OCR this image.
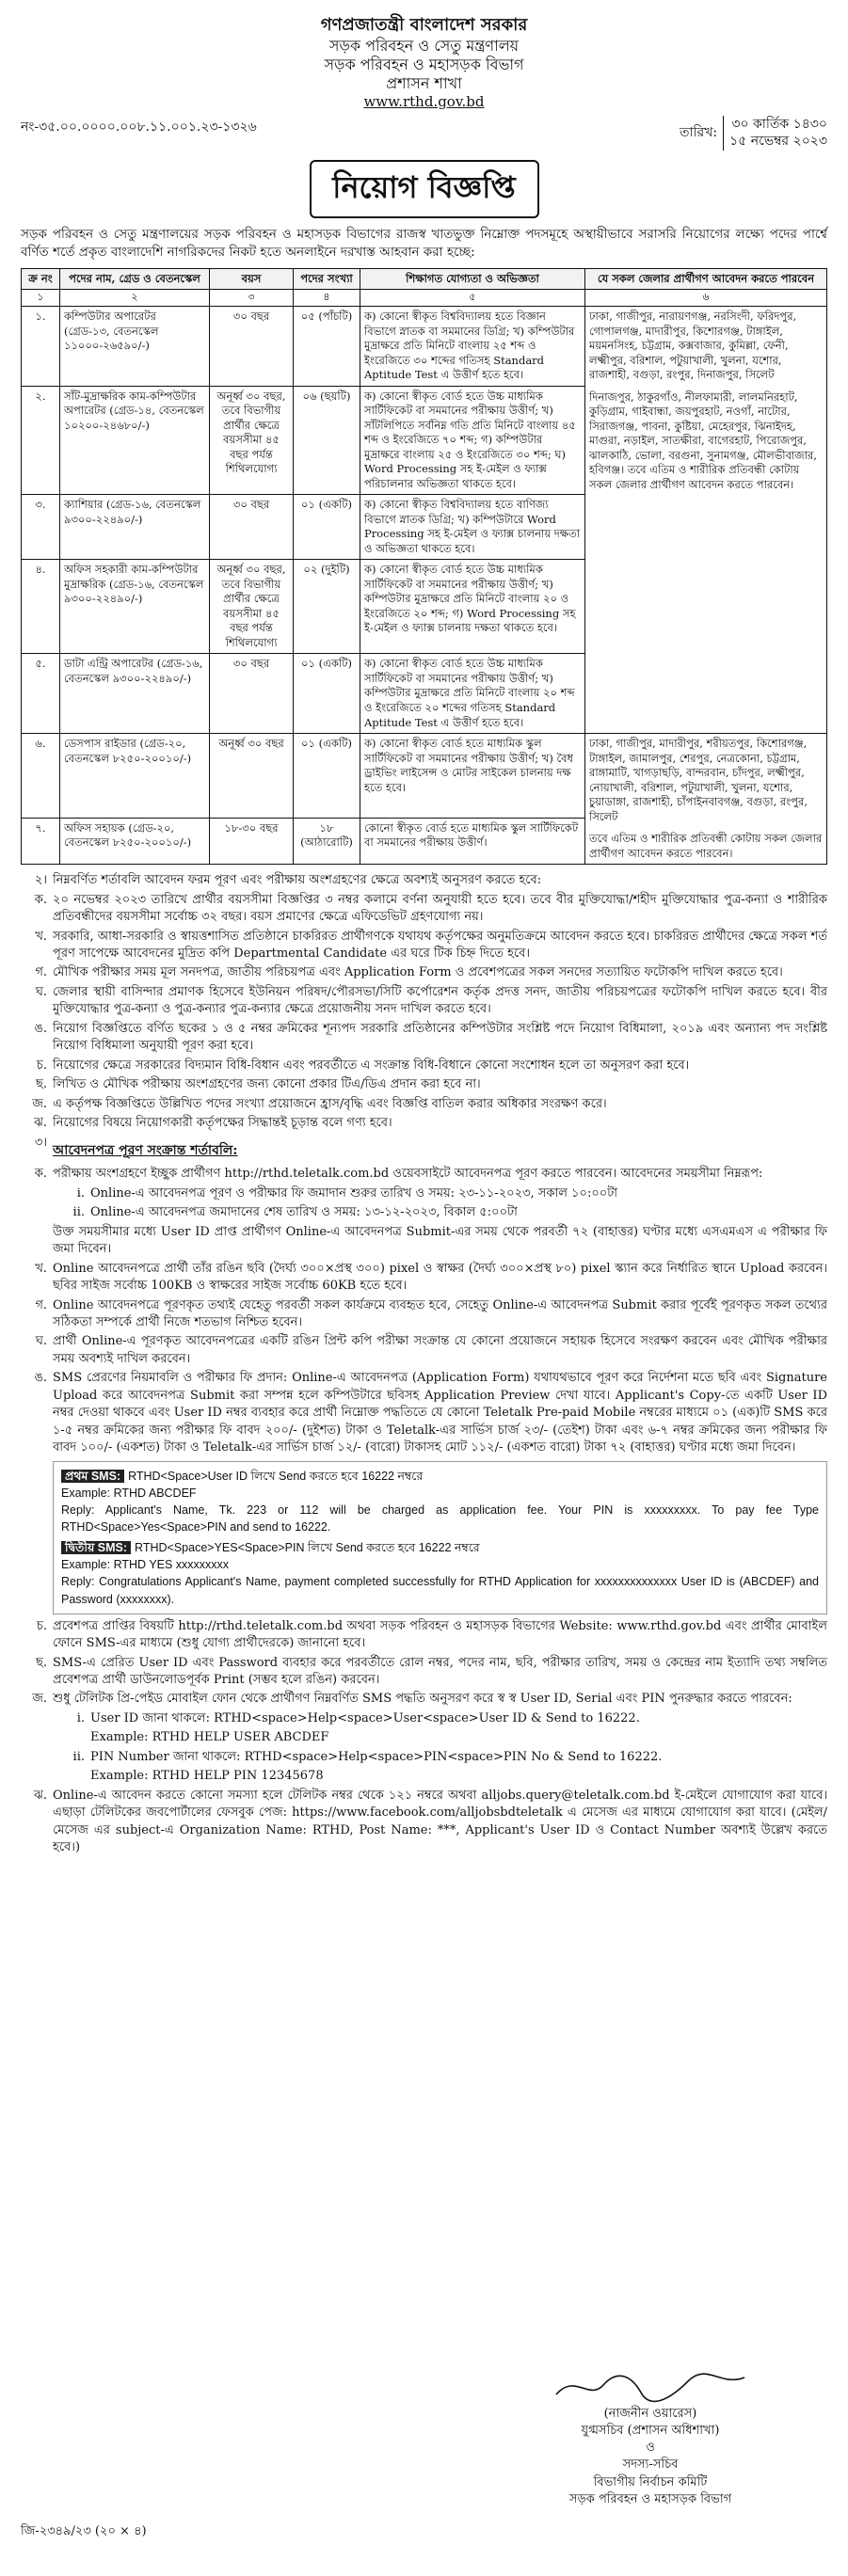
গণপ্রজাতন্ত্রী বাংলাদেশ সরকার
সড়ক পরিবহন ও সেতু মন্ত্রণালয়
সড়ক পরিবহন ও মহাসড়ক বিভাগ
প্রশাসন শাখা
www.rthd.gov.bd
নং-৩৫.০০.০০০০.০০৮.১১.০০১.২৩-১৩২৬	তারিখ:
৩০ কার্তিক ১৪৩০
১৫ নভেম্বর ২০২৩
নিয়োগ বিজ্ঞপ্তি
সড়ক পরিবহন ও সেতু মন্ত্রণালয়ের সড়ক পরিবহন ও মহাসড়ক বিভাগের রাজস্ব খাতভুক্ত নিম্নোক্ত পদসমূহে অস্থায়ীভাবে সরাসরি নিয়োগের লক্ষ্যে পদের পার্শ্বে বর্ণিত শর্তে প্রকৃত বাংলাদেশি নাগরিকদের নিকট হতে অনলাইনে দরখাস্ত আহবান করা হচ্ছে:
ক্র নং	পদের নাম, গ্রেড ও বেতনস্কেল	বয়স	পদের সংখ্যা	শিক্ষাগত যোগ্যতা ও অভিজ্ঞতা	যে সকল জেলার প্রার্থীগণ আবেদন করতে পারবেন
১	২	৩	৪	৫	৬
১.	কম্পিউটার অপারেটর (গ্রেড-১৩, বেতনস্কেল ১১০০০-২৬৫৯০/-)	৩০ বছর	০৫ (পাঁচটি)	ক) কোনো স্বীকৃত বিশ্ববিদ্যালয় হতে বিজ্ঞান বিভাগে স্নাতক বা সমমানের ডিগ্রি; খ) কম্পিউটার মুদ্রাক্ষরে প্রতি মিনিটে বাংলায় ২৫ শব্দ ও ইংরেজিতে ৩০ শব্দের গতিসহ Standard Aptitude Test এ উত্তীর্ণ হতে হবে।	ঢাকা, গাজীপুর, নারায়ণগঞ্জ, নরসিংদী, ফরিদপুর, গোপালগঞ্জ, মাদারীপুর, কিশোরগঞ্জ, টাঙ্গাইল, ময়মনসিংহ, চট্টগ্রাম, কক্সবাজার, কুমিল্লা, ফেনী, লক্ষ্মীপুর, বরিশাল, পটুয়াখালী, খুলনা, যশোর, রাজশাহী, বগুড়া, রংপুর, দিনাজপুর, সিলেট
দিনাজপুর, ঠাকুরগাঁও, নীলফামারী, লালমনিরহাট, কুড়িগ্রাম, গাইবান্ধা, জয়পুরহাট, নওগাঁ, নাটোর, সিরাজগঞ্জ, পাবনা, কুষ্টিয়া, মেহেরপুর, ঝিনাইদহ, মাগুরা, নড়াইল, সাতক্ষীরা, বাগেরহাট, পিরোজপুর, ঝালকাঠি, ভোলা, বরগুনা, সুনামগঞ্জ, মৌলভীবাজার, হবিগঞ্জ। তবে এতিম ও শারীরিক প্রতিবন্ধী কোটায় সকল জেলার প্রার্থীগণ আবেদন করতে পারবেন।

২.	সাঁট-মুদ্রাক্ষরিক কাম-কম্পিউটার অপারেটর (গ্রেড-১৪, বেতনস্কেল ১০২০০-২৪৬৮০/-)	অনূর্ধ্ব ৩০ বছর, তবে বিভাগীয় প্রার্থীর ক্ষেত্রে বয়সসীমা ৪৫ বছর পর্যন্ত শিথিলযোগ্য	০৬ (ছয়টি)	ক) কোনো স্বীকৃত বোর্ড হতে উচ্চ মাধ্যমিক সার্টিফিকেট বা সমমানের পরীক্ষায় উত্তীর্ণ; খ) সাঁটলিপিতে সর্বনিম্ন গতি প্রতি মিনিটে বাংলায় ৪৫ শব্দ ও ইংরেজিতে ৭০ শব্দ; গ) কম্পিউটার মুদ্রাক্ষরে বাংলায় ২৫ ও ইংরেজিতে ৩০ শব্দ; ঘ) Word Processing সহ ই-মেইল ও ফ্যাক্স পরিচালনার অভিজ্ঞতা থাকতে হবে।	
৩.	ক্যাশিয়ার (গ্রেড-১৬, বেতনস্কেল ৯৩০০-২২৪৯০/-)	৩০ বছর	০১ (একটি)	ক) কোনো স্বীকৃত বিশ্ববিদ্যালয় হতে বাণিজ্য বিভাগে স্নাতক ডিগ্রি; খ) কম্পিউটারে Word Processing সহ ই-মেইল ও ফ্যাক্স চালনায় দক্ষতা ও অভিজ্ঞতা থাকতে হবে।	
৪.	অফিস সহকারী কাম-কম্পিউটার মুদ্রাক্ষরিক (গ্রেড-১৬, বেতনস্কেল ৯৩০০-২২৪৯০/-)	অনূর্ধ্ব ৩০ বছর, তবে বিভাগীয় প্রার্থীর ক্ষেত্রে বয়সসীমা ৪৫ বছর পর্যন্ত শিথিলযোগ্য	০২ (দুইটি)	ক) কোনো স্বীকৃত বোর্ড হতে উচ্চ মাধ্যমিক সার্টিফিকেট বা সমমানের পরীক্ষায় উত্তীর্ণ; খ) কম্পিউটার মুদ্রাক্ষরে প্রতি মিনিটে বাংলায় ২০ ও ইংরেজিতে ২০ শব্দ; গ) Word Processing সহ ই-মেইল ও ফ্যাক্স চালনায় দক্ষতা থাকতে হবে।	
৫.	ডাটা এন্ট্রি অপারেটর (গ্রেড-১৬, বেতনস্কেল ৯৩০০-২২৪৯০/-)	৩০ বছর	০১ (একটি)	ক) কোনো স্বীকৃত বোর্ড হতে উচ্চ মাধ্যমিক সার্টিফিকেট বা সমমানের পরীক্ষায় উত্তীর্ণ; খ) কম্পিউটার মুদ্রাক্ষরে প্রতি মিনিটে বাংলায় ২০ শব্দ ও ইংরেজিতে ২০ শব্দের গতিসহ Standard Aptitude Test এ উত্তীর্ণ হতে হবে।	
৬.	ডেসপাস রাইডার (গ্রেড-২০, বেতনস্কেল ৮২৫০-২০০১০/-)	অনূর্ধ্ব ৩০ বছর	০১ (একটি)	ক) কোনো স্বীকৃত বোর্ড হতে মাধ্যমিক স্কুল সার্টিফিকেট বা সমমানের পরীক্ষায় উত্তীর্ণ; খ) বৈধ ড্রাইভিং লাইসেন্স ও মোটর সাইকেল চালনায় দক্ষ হতে হবে।	ঢাকা, গাজীপুর, মাদারীপুর, শরীয়তপুর, কিশোরগঞ্জ, টাঙ্গাইল, জামালপুর, শেরপুর, নেত্রকোনা, চট্টগ্রাম, রাঙ্গামাটি, খাগড়াছড়ি, বান্দরবান, চাঁদপুর, লক্ষ্মীপুর, নোয়াখালী, বরিশাল, পটুয়াখালী, খুলনা, যশোর, চুয়াডাঙ্গা, রাজশাহী, চাঁপাইনবাবগঞ্জ, বগুড়া, রংপুর, সিলেট
তবে এতিম ও শারীরিক প্রতিবন্ধী কোটায় সকল জেলার প্রার্থীগণ আবেদন করতে পারবেন।

৭.	অফিস সহায়ক (গ্রেড-২০, বেতনস্কেল ৮২৫০-২০০১০/-)	১৮-৩০ বছর	১৮ (আঠারোটি)	কোনো স্বীকৃত বোর্ড হতে মাধ্যমিক স্কুল সার্টিফিকেট বা সমমানের পরীক্ষায় উত্তীর্ণ।	
২। নিম্নবর্ণিত শর্তাবলি আবেদন ফরম পূরণ এবং পরীক্ষায় অংশগ্রহণের ক্ষেত্রে অবশ্যই অনুসরণ করতে হবে:
ক. ২০ নভেম্বর ২০২৩ তারিখে প্রার্থীর বয়সসীমা বিজ্ঞপ্তির ৩ নম্বর কলামে বর্ণনা অনুযায়ী হতে হবে। তবে বীর মুক্তিযোদ্ধা/শহীদ মুক্তিযোদ্ধার পুত্র-কন্যা ও শারীরিক প্রতিবন্ধীদের বয়সসীমা সর্বোচ্চ ৩২ বছর। বয়স প্রমাণের ক্ষেত্রে এফিডেভিট গ্রহণযোগ্য নয়।
খ. সরকারি, আধা-সরকারি ও স্বায়ত্তশাসিত প্রতিষ্ঠানে চাকরিরত প্রার্থীগণকে যথাযথ কর্তৃপক্ষের অনুমতিক্রমে আবেদন করতে হবে। চাকরিরত প্রার্থীদের ক্ষেত্রে সকল শর্ত পূরণ সাপেক্ষে আবেদনের মুদ্রিত কপি Departmental Candidate এর ঘরে টিক চিহ্ন দিতে হবে।
গ. মৌখিক পরীক্ষার সময় মূল সনদপত্র, জাতীয় পরিচয়পত্র এবং Application Form ও প্রবেশপত্রের সকল সনদের সত্যায়িত ফটোকপি দাখিল করতে হবে।
ঘ. জেলার স্থায়ী বাসিন্দার প্রমাণক হিসেবে ইউনিয়ন পরিষদ/পৌরসভা/সিটি কর্পোরেশন কর্তৃক প্রদত্ত সনদ, জাতীয় পরিচয়পত্রের ফটোকপি দাখিল করতে হবে। বীর মুক্তিযোদ্ধার পুত্র-কন্যা ও পুত্র-কন্যার পুত্র-কন্যার ক্ষেত্রে প্রয়োজনীয় সনদ দাখিল করতে হবে।
ঙ. নিয়োগ বিজ্ঞপ্তিতে বর্ণিত ছকের ১ ও ৫ নম্বর ক্রমিকের শূন্যপদ সরকারি প্রতিষ্ঠানের কম্পিউটার সংশ্লিষ্ট পদে নিয়োগ বিধিমালা, ২০১৯ এবং অন্যান্য পদ সংশ্লিষ্ট নিয়োগ বিধিমালা অনুযায়ী পূরণ করা হবে।
চ. নিয়োগের ক্ষেত্রে সরকারের বিদ্যমান বিধি-বিধান এবং পরবর্তীতে এ সংক্রান্ত বিধি-বিধানে কোনো সংশোধন হলে তা অনুসরণ করা হবে।
ছ. লিখিত ও মৌখিক পরীক্ষায় অংশগ্রহণের জন্য কোনো প্রকার টিএ/ডিএ প্রদান করা হবে না।
জ. এ কর্তৃপক্ষ বিজ্ঞপ্তিতে উল্লিখিত পদের সংখ্যা প্রয়োজনে হ্রাস/বৃদ্ধি এবং বিজ্ঞপ্তি বাতিল করার অধিকার সংরক্ষণ করে।
ঝ. নিয়োগের বিষয়ে নিয়োগকারী কর্তৃপক্ষের সিদ্ধান্তই চূড়ান্ত বলে গণ্য হবে।
৩।
আবেদনপত্র পূরণ সংক্রান্ত শর্তাবলি:
ক. পরীক্ষায় অংশগ্রহণে ইচ্ছুক প্রার্থীগণ http://rthd.teletalk.com.bd ওয়েবসাইটে আবেদনপত্র পূরণ করতে পারবেন। আবেদনের সময়সীমা নিম্নরূপ:
i. Online-এ আবেদনপত্র পূরণ ও পরীক্ষার ফি জমাদান শুরুর তারিখ ও সময়: ২৩-১১-২০২৩, সকাল ১০:০০টা
ii. Online-এ আবেদনপত্র জমাদানের শেষ তারিখ ও সময়: ১৩-১২-২০২৩, বিকাল ৫:০০টা
উক্ত সময়সীমার মধ্যে User ID প্রাপ্ত প্রার্থীগণ Online-এ আবেদনপত্র Submit-এর সময় থেকে পরবর্তী ৭২ (বাহাত্তর) ঘণ্টার মধ্যে এসএমএস এ পরীক্ষার ফি জমা দিবেন।
খ. Online আবেদনপত্রে প্রার্থী তাঁর রঙিন ছবি (দৈর্ঘ্য ৩০০×প্রস্থ ৩০০) pixel ও স্বাক্ষর (দৈর্ঘ্য ৩০০×প্রস্থ ৮০) pixel স্ক্যান করে নির্ধারিত স্থানে Upload করবেন। ছবির সাইজ সর্বোচ্চ 100KB ও স্বাক্ষরের সাইজ সর্বোচ্চ 60KB হতে হবে।
গ. Online আবেদনপত্রে পূরণকৃত তথ্যই যেহেতু পরবর্তী সকল কার্যক্রমে ব্যবহৃত হবে, সেহেতু Online-এ আবেদনপত্র Submit করার পূর্বেই পূরণকৃত সকল তথ্যের সঠিকতা সম্পর্কে প্রার্থী নিজে শতভাগ নিশ্চিত হবেন।
ঘ. প্রার্থী Online-এ পূরণকৃত আবেদনপত্রের একটি রঙিন প্রিন্ট কপি পরীক্ষা সংক্রান্ত যে কোনো প্রয়োজনে সহায়ক হিসেবে সংরক্ষণ করবেন এবং মৌখিক পরীক্ষার সময় অবশ্যই দাখিল করবেন।
ঙ. SMS প্রেরণের নিয়মাবলি ও পরীক্ষার ফি প্রদান: Online-এ আবেদনপত্র (Application Form) যথাযথভাবে পূরণ করে নির্দেশনা মতে ছবি এবং Signature Upload করে আবেদনপত্র Submit করা সম্পন্ন হলে কম্পিউটারে ছবিসহ Application Preview দেখা যাবে। Applicant's Copy-তে একটি User ID নম্বর দেওয়া থাকবে এবং User ID নম্বর ব্যবহার করে প্রার্থী নিম্নোক্ত পদ্ধতিতে যে কোনো Teletalk Pre-paid Mobile নম্বরের মাধ্যমে ০১ (এক)টি SMS করে ১-৫ নম্বর ক্রমিকের জন্য পরীক্ষার ফি বাবদ ২০০/- (দুইশত) টাকা ও Teletalk-এর সার্ভিস চার্জ ২৩/- (তেইশ) টাকা এবং ৬-৭ নম্বর ক্রমিকের জন্য পরীক্ষার ফি বাবদ ১০০/- (একশত) টাকা ও Teletalk-এর সার্ভিস চার্জ ১২/- (বারো) টাকাসহ মোট ১১২/- (একশত বারো) টাকা ৭২ (বাহাত্তর) ঘণ্টার মধ্যে জমা দিবেন।
প্রথম SMS: RTHD<Space>User ID লিখে Send করতে হবে 16222 নম্বরে
Example: RTHD ABCDEF
Reply: Applicant's Name, Tk. 223 or 112 will be charged as application fee. Your PIN is xxxxxxxxx. To pay fee Type RTHD<Space>Yes<Space>PIN and send to 16222.
দ্বিতীয় SMS: RTHD<Space>YES<Space>PIN লিখে Send করতে হবে 16222 নম্বরে
Example: RTHD YES xxxxxxxxx
Reply: Congratulations Applicant's Name, payment completed successfully for RTHD Application for xxxxxxxxxxxxxx User ID is (ABCDEF) and Password (xxxxxxxx).
চ. প্রবেশপত্র প্রাপ্তির বিষয়টি http://rthd.teletalk.com.bd অথবা সড়ক পরিবহন ও মহাসড়ক বিভাগের Website: www.rthd.gov.bd এবং প্রার্থীর মোবাইল ফোনে SMS-এর মাধ্যমে (শুধু যোগ্য প্রার্থীদেরকে) জানানো হবে।
ছ. SMS-এ প্রেরিত User ID এবং Password ব্যবহার করে পরবর্তীতে রোল নম্বর, পদের নাম, ছবি, পরীক্ষার তারিখ, সময় ও কেন্দ্রের নাম ইত্যাদি তথ্য সম্বলিত প্রবেশপত্র প্রার্থী ডাউনলোডপূর্বক Print (সম্ভব হলে রঙিন) করবেন।
জ. শুধু টেলিটক প্রি-পেইড মোবাইল ফোন থেকে প্রার্থীগণ নিম্নবর্ণিত SMS পদ্ধতি অনুসরণ করে স্ব স্ব User ID, Serial এবং PIN পুনরুদ্ধার করতে পারবেন:
i. User ID জানা থাকলে: RTHD<space>Help<space>User<space>User ID & Send to 16222.
Example: RTHD HELP USER ABCDEF
ii. PIN Number জানা থাকলে: RTHD<space>Help<space>PIN<space>PIN No & Send to 16222.
Example: RTHD HELP PIN 12345678
ঝ. Online-এ আবেদন করতে কোনো সমস্যা হলে টেলিটক নম্বর থেকে ১২১ নম্বরে অথবা alljobs.query@teletalk.com.bd ই-মেইলে যোগাযোগ করা যাবে। এছাড়া টেলিটকের জবপোর্টালের ফেসবুক পেজ: https://www.facebook.com/alljobsbdteletalk এ মেসেজ এর মাধ্যমে যোগাযোগ করা যাবে। (মেইল/মেসেজ এর subject-এ Organization Name: RTHD, Post Name: ***, Applicant's User ID ও Contact Number অবশ্যই উল্লেখ করতে হবে।)
(নাজনীন ওয়ারেস)
যুগ্মসচিব (প্রশাসন অধিশাখা)
ও
সদস্য-সচিব
বিভাগীয় নির্বাচন কমিটি
সড়ক পরিবহন ও মহাসড়ক বিভাগ
জি-২৩৪৯/২৩ (২০ × ৪)
